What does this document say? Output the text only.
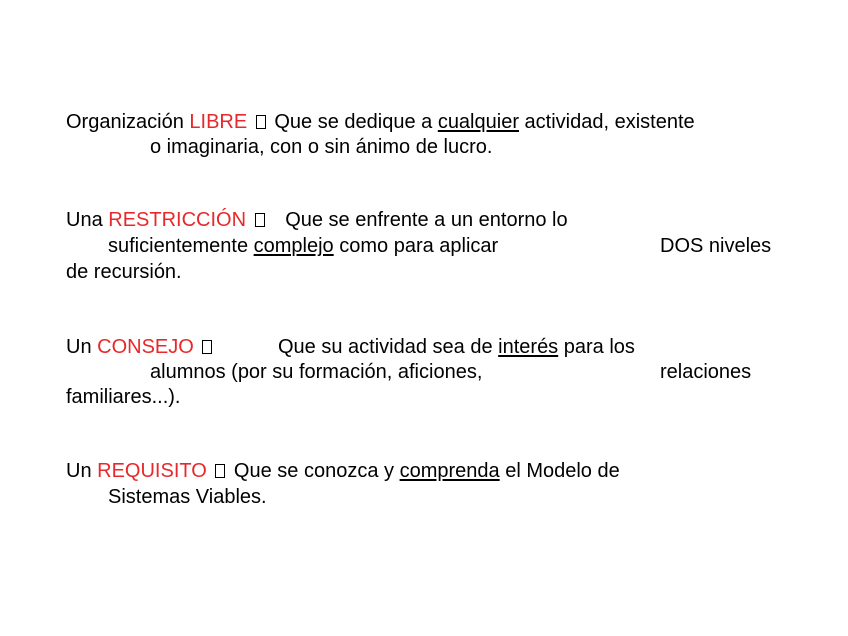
Organización LIBRE Que se dedique a cualquier actividad, existente
o imaginaria, con o sin ánimo de lucro.
Una RESTRICCIÓN Que se enfrente a un entorno lo
suficientemente complejo como para aplicar	DOS niveles
de recursión.
Un CONSEJO	Que su actividad sea de interés para los
alumnos (por su formación, aficiones,	relaciones
familiares...).
Un REQUISITO Que se conozca y comprenda el Modelo de
Sistemas Viables.
